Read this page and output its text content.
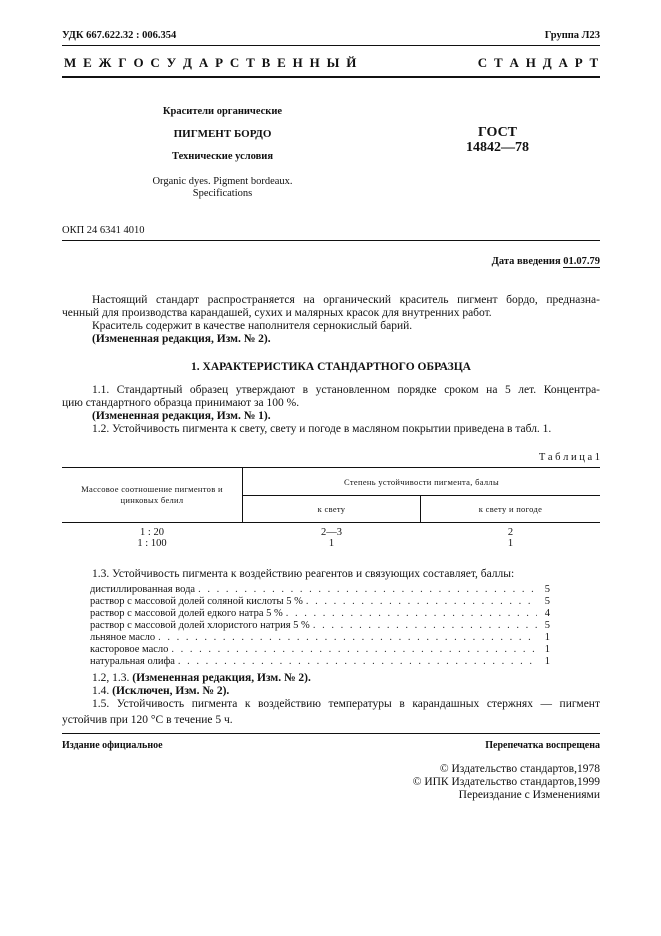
УДК 667.622.32 : 006.354	Группа Л23
М Е Ж Г О С У Д А Р С Т В Е Н Н Ы Й	С Т А Н Д А Р Т
Красители органические
ПИГМЕНТ БОРДО
Технические условия
Organic dyes. Pigment bordeaux.
Specifications
ГОСТ
14842—78
ОКП 24 6341 4010
Дата введения 01.07.79
Настоящий стандарт распространяется на органический краситель пигмент бордо, предназна-
ченный для производства карандашей, сухих и малярных красок для внутренних работ.
Краситель содержит в качестве наполнителя сернокислый барий.
(Измененная редакция, Изм. № 2).
1. ХАРАКТЕРИСТИКА СТАНДАРТНОГО ОБРАЗЦА
1.1. Стандартный образец утверждают в установленном порядке сроком на 5 лет. Концентра-
цию стандартного образца принимают за 100 %.
(Измененная редакция, Изм. № 1).
1.2. Устойчивость пигмента к свету, свету и погоде в масляном покрытии приведена в табл. 1.
Т а б л и ц а 1
Массовое соотношение пигментов и
цинковых белил
Степень устойчивости пигмента, баллы
к свету	к свету и погоде
1 : 20	2—3	2
1 : 100	1	1
1.3. Устойчивость пигмента к воздействию реагентов и связующих составляет, баллы:
дистиллированная вода . . .	5
раствор с массовой долей соляной кислоты 5 % . . .	5
раствор с массовой долей едкого натра 5 % . . .	4
раствор с массовой долей хлористого натрия 5 % . . .	5
льняное масло . . .	1
касторовое масло . . .	1
натуральная олифа . . .	1
1.2, 1.3. (Измененная редакция, Изм. № 2).
1.4. (Исключен, Изм. № 2).
1.5. Устойчивость пигмента к воздействию температуры в карандашных стержнях — пигмент
устойчив при 120 °С в течение 5 ч.
Издание официальное	Перепечатка воспрещена
© Издательство стандартов,1978
© ИПК Издательство стандартов,1999
Переиздание с Изменениями
